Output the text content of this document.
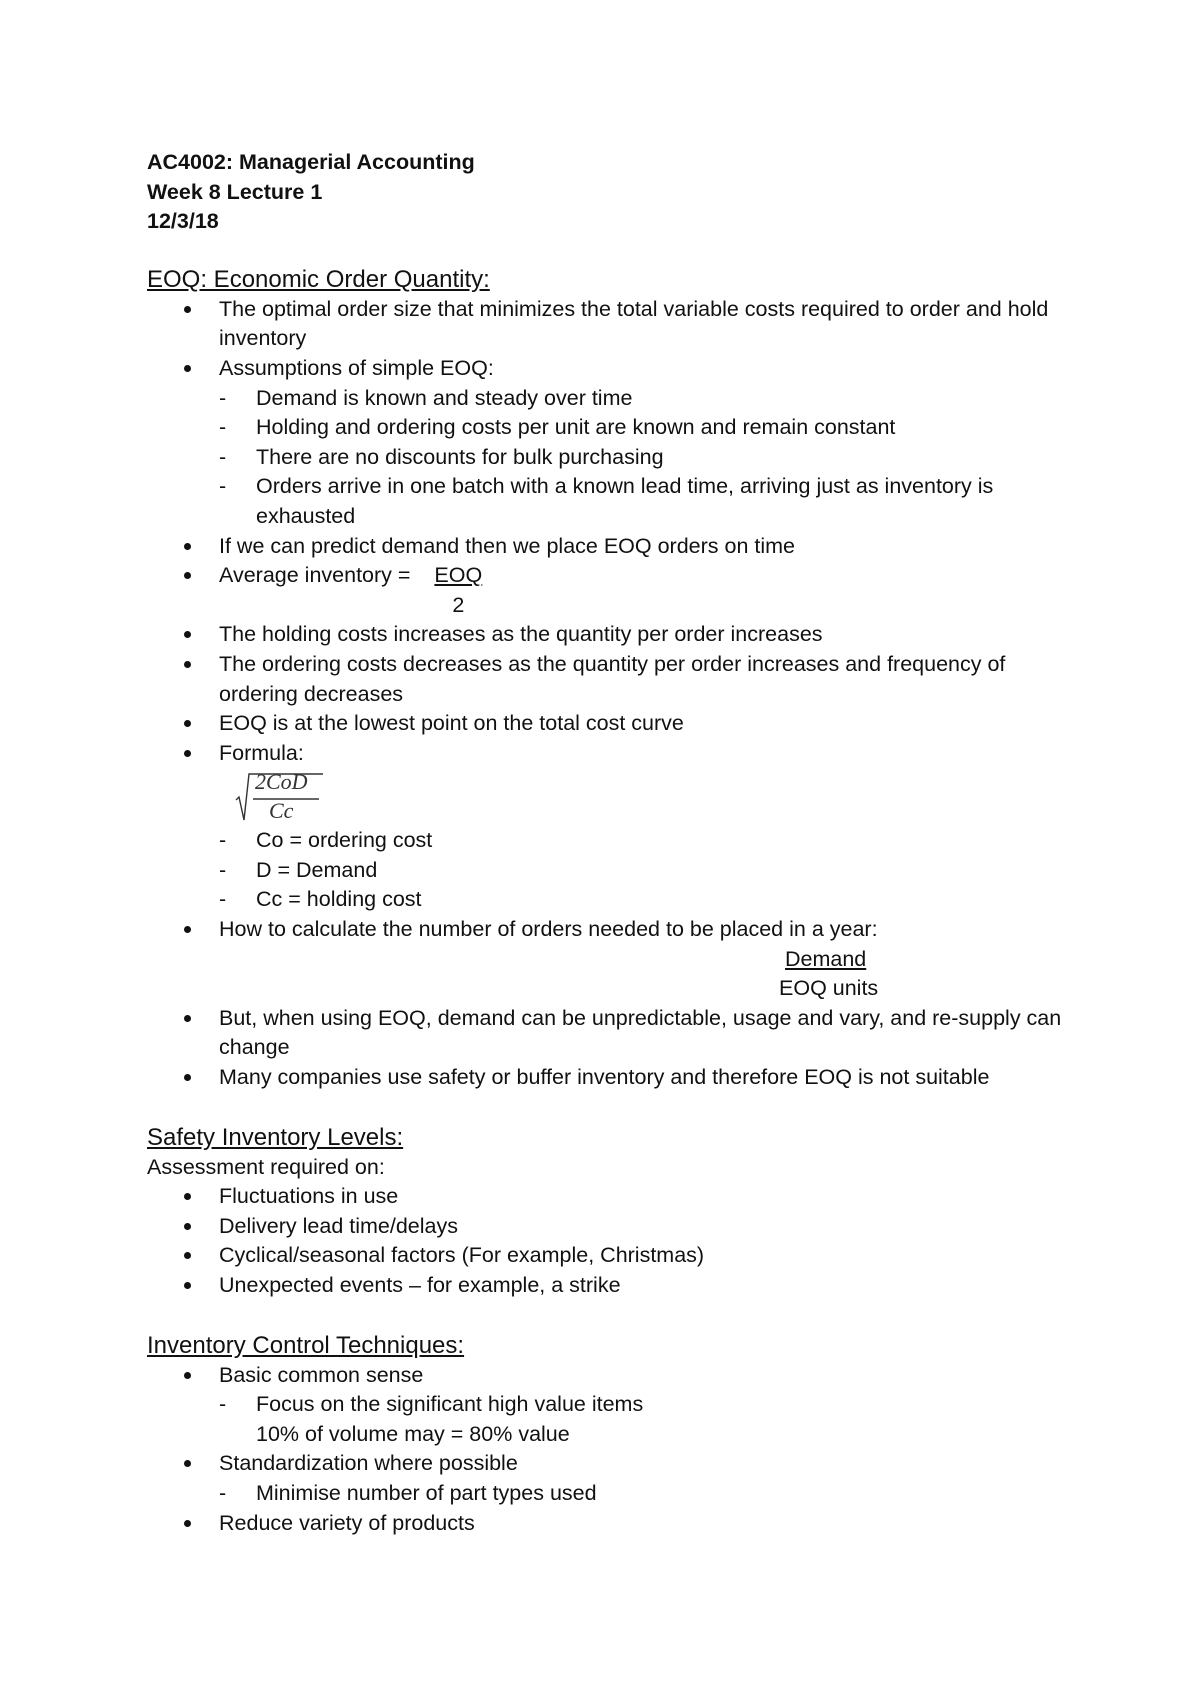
AC4002: Managerial Accounting
Week 8 Lecture 1
12/3/18
EOQ: Economic Order Quantity:
The optimal order size that minimizes the total variable costs required to order and hold inventory
Assumptions of simple EOQ:
- Demand is known and steady over time
- Holding and ordering costs per unit are known and remain constant
- There are no discounts for bulk purchasing
- Orders arrive in one batch with a known lead time, arriving just as inventory is exhausted
If we can predict demand then we place EOQ orders on time
Average inventory = $\frac{\text{EOQ}}{2}$
The holding costs increases as the quantity per order increases
The ordering costs decreases as the quantity per order increases and frequency of ordering decreases
EOQ is at the lowest point on the total cost curve
Formula:
2CoD
Cc
- Co = ordering cost
- D = Demand
- Cc = holding cost
How to calculate the number of orders needed to be placed in a year:
Demand
EOQ units
But, when using EOQ, demand can be unpredictable, usage and vary, and re-supply can change
Many companies use safety or buffer inventory and therefore EOQ is not suitable
Safety Inventory Levels:
Assessment required on:
Fluctuations in use
Delivery lead time/delays
Cyclical/seasonal factors (For example, Christmas)
Unexpected events – for example, a strike
Inventory Control Techniques:
Basic common sense
- Focus on the significant high value items
10% of volume may = 80% value
Standardization where possible
- Minimise number of part types used
Reduce variety of products
